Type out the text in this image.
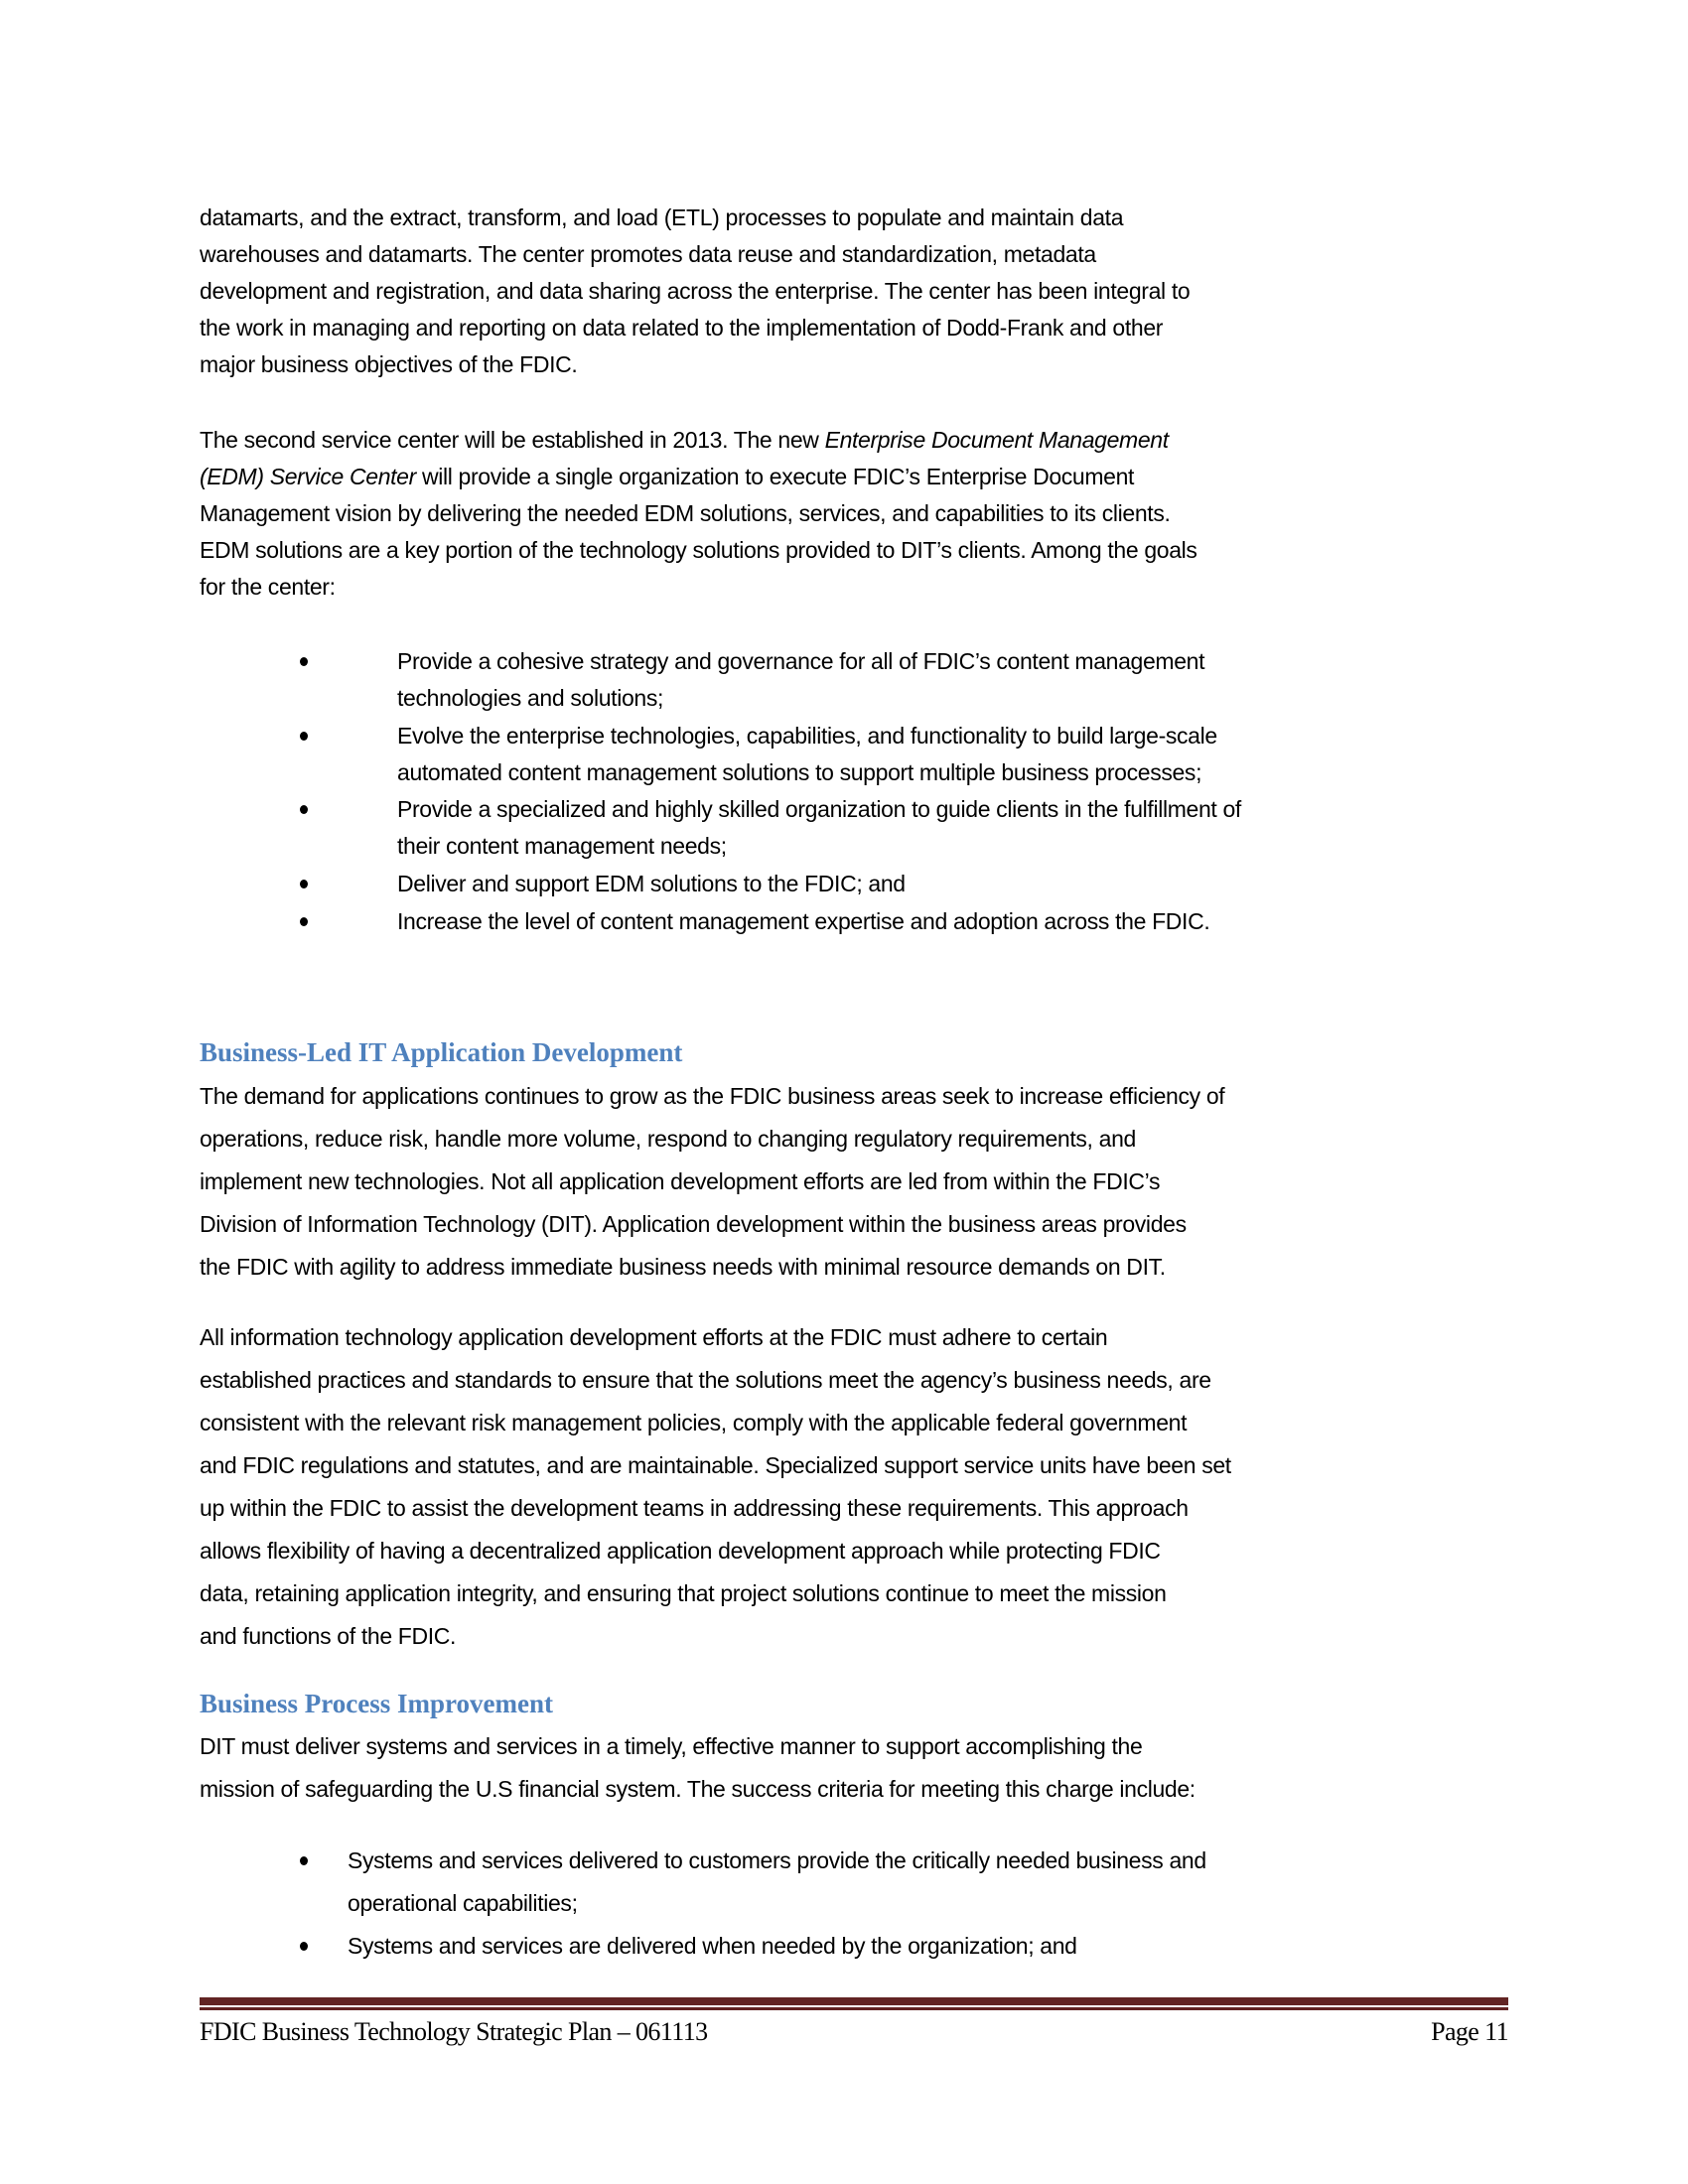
datamarts, and the extract, transform, and load (ETL) processes to populate and maintain data
warehouses and datamarts. The center promotes data reuse and standardization, metadata
development and registration, and data sharing across the enterprise. The center has been integral to
the work in managing and reporting on data related to the implementation of Dodd-Frank and other
major business objectives of the FDIC.
The second service center will be established in 2013. The new Enterprise Document Management
(EDM) Service Center will provide a single organization to execute FDIC’s Enterprise Document
Management vision by delivering the needed EDM solutions, services, and capabilities to its clients.
EDM solutions are a key portion of the technology solutions provided to DIT’s clients. Among the goals
for the center:
Provide a cohesive strategy and governance for all of FDIC’s content management
technologies and solutions;
Evolve the enterprise technologies, capabilities, and functionality to build large-scale
automated content management solutions to support multiple business processes;
Provide a specialized and highly skilled organization to guide clients in the fulfillment of
their content management needs;
Deliver and support EDM solutions to the FDIC; and
Increase the level of content management expertise and adoption across the FDIC.
Business-Led IT Application Development
The demand for applications continues to grow as the FDIC business areas seek to increase efficiency of
operations, reduce risk, handle more volume, respond to changing regulatory requirements, and
implement new technologies. Not all application development efforts are led from within the FDIC’s
Division of Information Technology (DIT). Application development within the business areas provides
the FDIC with agility to address immediate business needs with minimal resource demands on DIT.
All information technology application development efforts at the FDIC must adhere to certain
established practices and standards to ensure that the solutions meet the agency’s business needs, are
consistent with the relevant risk management policies, comply with the applicable federal government
and FDIC regulations and statutes, and are maintainable. Specialized support service units have been set
up within the FDIC to assist the development teams in addressing these requirements. This approach
allows flexibility of having a decentralized application development approach while protecting FDIC
data, retaining application integrity, and ensuring that project solutions continue to meet the mission
and functions of the FDIC.
Business Process Improvement
DIT must deliver systems and services in a timely, effective manner to support accomplishing the
mission of safeguarding the U.S financial system. The success criteria for meeting this charge include:
Systems and services delivered to customers provide the critically needed business and
operational capabilities;
Systems and services are delivered when needed by the organization; and
FDIC Business Technology Strategic Plan – 061113	Page 11
